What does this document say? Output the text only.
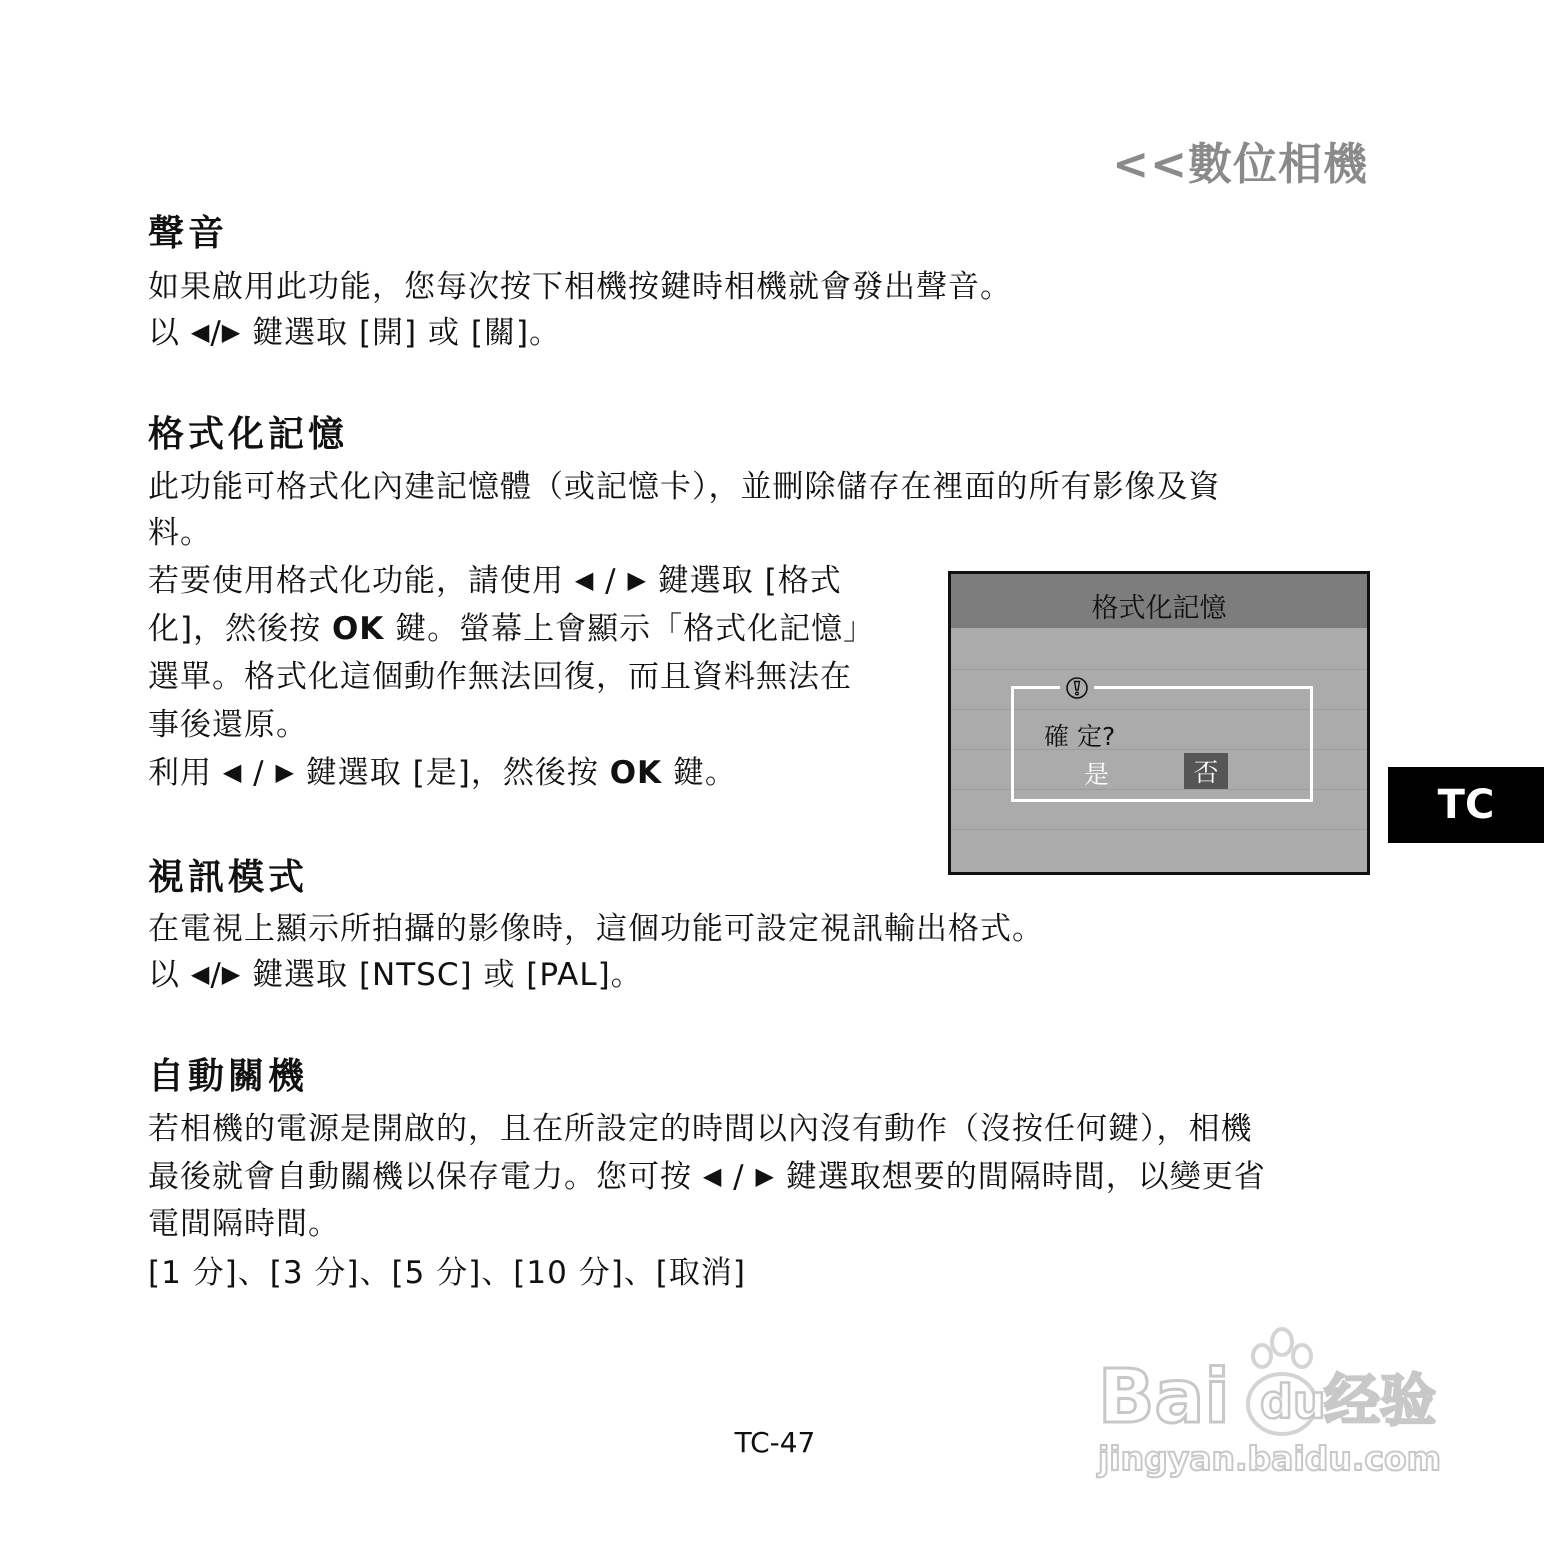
<<數位相機
聲音
如果啟用此功能，您每次按下相機按鍵時相機就會發出聲音。
以 ◀/▶ 鍵選取 [開] 或 [關]。
格式化記憶
此功能可格式化內建記憶體（或記憶卡），並刪除儲存在裡面的所有影像及資
料。
若要使用格式化功能，請使用 ◀ / ▶ 鍵選取 [格式
化]，然後按 OK 鍵。螢幕上會顯示「格式化記憶」
選單。格式化這個動作無法回復，而且資料無法在
事後還原。
利用 ◀ / ▶ 鍵選取 [是]，然後按 OK 鍵。
格式化記憶
確 定?
是	否
TC
視訊模式
在電視上顯示所拍攝的影像時，這個功能可設定視訊輸出格式。
以 ◀/▶ 鍵選取 [NTSC] 或 [PAL]。
自動關機
若相機的電源是開啟的，且在所設定的時間以內沒有動作（沒按任何鍵），相機
最後就會自動關機以保存電力。您可按 ◀ / ▶ 鍵選取想要的間隔時間，以變更省
電間隔時間。
[1 分]、[3 分]、[5 分]、[10 分]、[取消]
TC-47
Bai du
经验
jingyan.baidu.com
